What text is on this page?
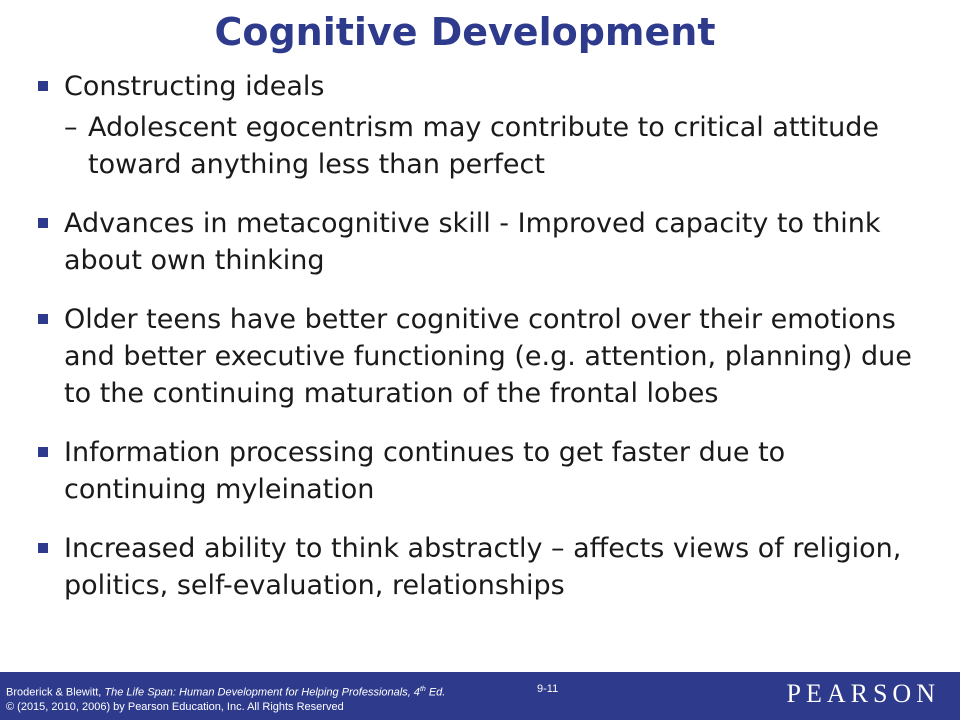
Cognitive Development
Constructing ideals
– Adolescent egocentrism may contribute to critical attitude toward anything less than perfect
Advances in metacognitive skill - Improved capacity to think about own thinking
Older teens have better cognitive control over their emotions and better executive functioning (e.g. attention, planning) due to the continuing maturation of the frontal lobes
Information processing continues to get faster due to continuing myleination
Increased ability to think abstractly – affects views of religion, politics, self-evaluation, relationships
Broderick & Blewitt, The Life Span: Human Development for Helping Professionals, 4th Ed.
© (2015, 2010, 2006) by Pearson Education, Inc. All Rights Reserved
9-11	PEARSON
